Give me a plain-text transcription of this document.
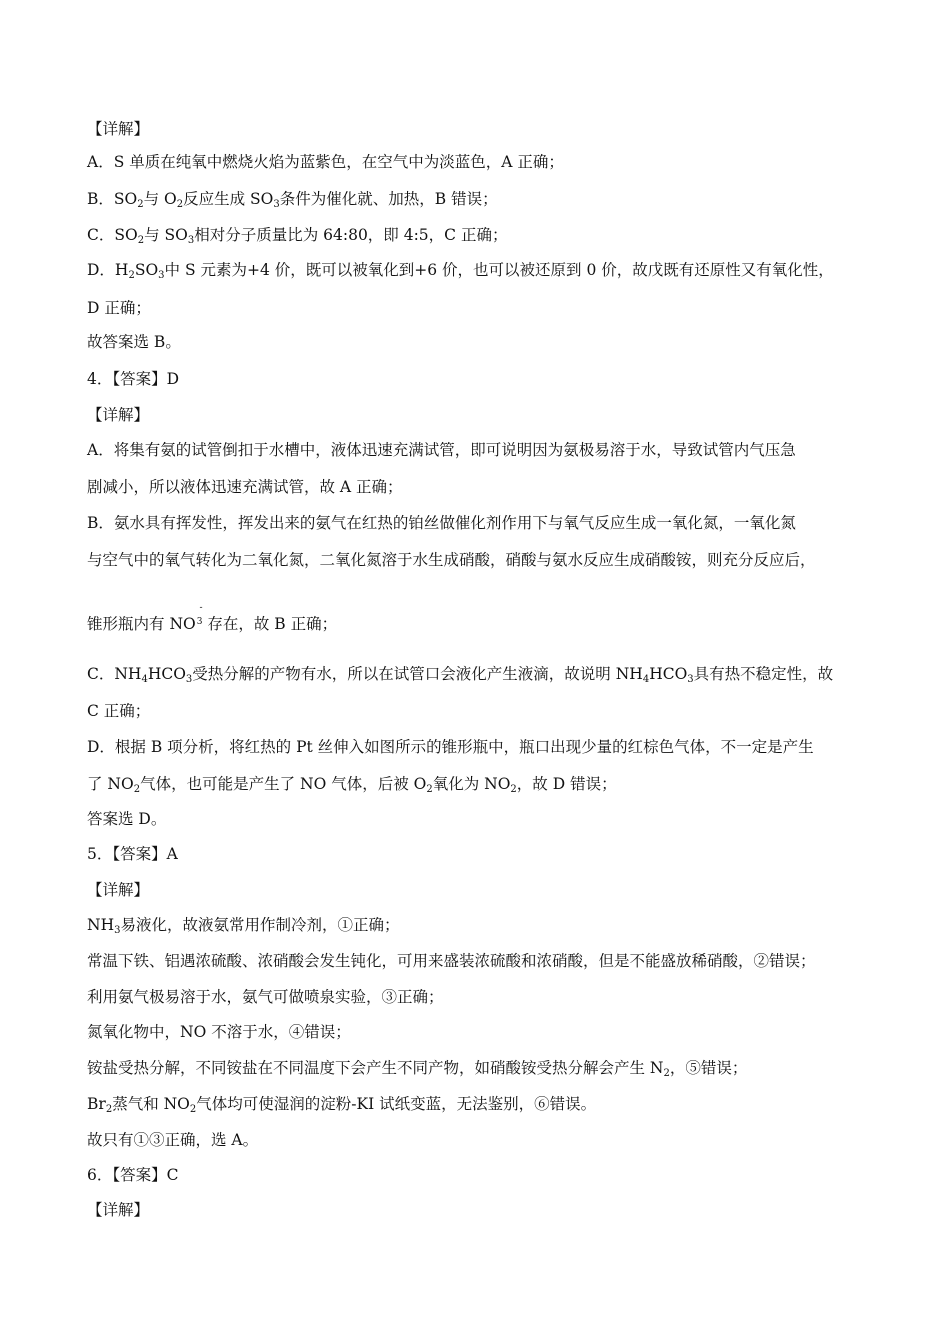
【详解】
A．S 单质在纯氧中燃烧火焰为蓝紫色，在空气中为淡蓝色，A 正确；
B．$SO_2$与 $O_2$反应生成 $SO_3$条件为催化就、加热，B 错误；
C．$SO_2$与 $SO_3$相对分子质量比为 64:80，即 4:5，C 正确；
D．$H_2SO_3$中 S 元素为+4 价，既可以被氧化到+6 价，也可以被还原到 0 价，故戊既有还原性又有氧化性，
D 正确；
故答案选 B。
4．【答案】D
【详解】
A．将集有氨的试管倒扣于水槽中，液体迅速充满试管，即可说明因为氨极易溶于水，导致试管内气压急
剧减小，所以液体迅速充满试管，故 A 正确；
B．氨水具有挥发性，挥发出来的氨气在红热的铂丝做催化剂作用下与氧气反应生成一氧化氮，一氧化氮
与空气中的氧气转化为二氧化氮，二氧化氮溶于水生成硝酸，硝酸与氨水反应生成硝酸铵，则充分反应后，
锥形瓶内有 NO
-
$^3$ 存在，故 B 正确；
C．$NH_4HCO_3$受热分解的产物有水，所以在试管口会液化产生液滴，故说明 $NH_4HCO_3$具有热不稳定性，故
C 正确；
D．根据 B 项分析，将红热的 Pt 丝伸入如图所示的锥形瓶中，瓶口出现少量的红棕色气体，不一定是产生
了 $NO_2$气体，也可能是产生了 NO 气体，后被 $O_2$氧化为 $NO_2$，故 D 错误；
答案选 D。
5．【答案】A
【详解】
$NH_3$易液化，故液氨常用作制冷剂，①正确；
常温下铁、铝遇浓硫酸、浓硝酸会发生钝化，可用来盛装浓硫酸和浓硝酸，但是不能盛放稀硝酸，②错误；
利用氨气极易溶于水，氨气可做喷泉实验，③正确；
氮氧化物中，NO 不溶于水，④错误；
铵盐受热分解，不同铵盐在不同温度下会产生不同产物，如硝酸铵受热分解会产生 $N_2$，⑤错误；
$Br_2$蒸气和 $NO_2$气体均可使湿润的淀粉-KI 试纸变蓝，无法鉴别，⑥错误。
故只有①③正确，选 A。
6．【答案】C
【详解】
